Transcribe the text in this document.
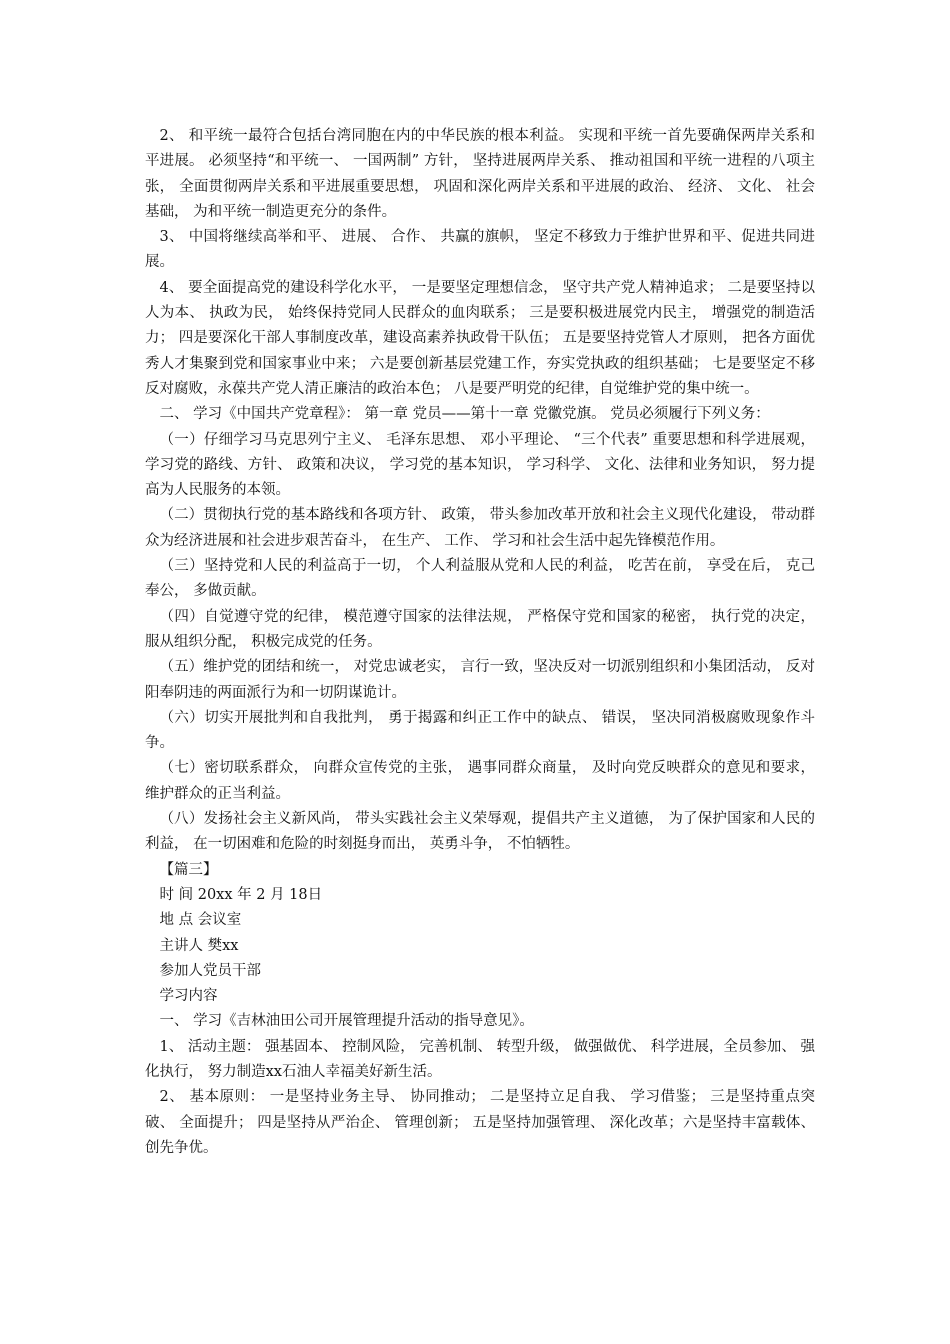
2、 和平统一最符合包括台湾同胞在内的中华民族的根本利益。 实现和平统一首先要确保两岸关系和平进展。 必须坚持“和平统一、 一国两制” 方针， 坚持进展两岸关系、 推动祖国和平统一进程的八项主张， 全面贯彻两岸关系和平进展重要思想， 巩固和深化两岸关系和平进展的政治、 经济、 文化、 社会基础， 为和平统一制造更充分的条件。

3、 中国将继续高举和平、 进展、 合作、 共赢的旗帜， 坚定不移致力于维护世界和平、促进共同进展。

4、 要全面提高党的建设科学化水平， 一是要坚定理想信念， 坚守共产党人精神追求； 二是要坚持以人为本、 执政为民， 始终保持党同人民群众的血肉联系； 三是要积极进展党内民主， 增强党的制造活力； 四是要深化干部人事制度改革，建设高素养执政骨干队伍； 五是要坚持党管人才原则， 把各方面优秀人才集聚到党和国家事业中来； 六是要创新基层党建工作，夯实党执政的组织基础； 七是要坚定不移反对腐败，永葆共产党人清正廉洁的政治本色； 八是要严明党的纪律，自觉维护党的集中统一。

二、 学习《中国共产党章程》： 第一章 党员——第十一章 党徽党旗。 党员必须履行下列义务：

（一）仔细学习马克思列宁主义、 毛泽东思想、 邓小平理论、 “三个代表” 重要思想和科学进展观， 学习党的路线、方针、 政策和决议， 学习党的基本知识， 学习科学、 文化、法律和业务知识， 努力提高为人民服务的本领。

（二）贯彻执行党的基本路线和各项方针、 政策， 带头参加改革开放和社会主义现代化建设， 带动群众为经济进展和社会进步艰苦奋斗， 在生产、 工作、 学习和社会生活中起先锋模范作用。

（三）坚持党和人民的利益高于一切， 个人利益服从党和人民的利益， 吃苦在前， 享受在后， 克己奉公， 多做贡献。

（四）自觉遵守党的纪律， 模范遵守国家的法律法规， 严格保守党和国家的秘密， 执行党的决定， 服从组织分配， 积极完成党的任务。

（五）维护党的团结和统一， 对党忠诚老实， 言行一致，坚决反对一切派别组织和小集团活动， 反对阳奉阴违的两面派行为和一切阴谋诡计。

（六）切实开展批判和自我批判， 勇于揭露和纠正工作中的缺点、 错误， 坚决同消极腐败现象作斗争。

（七）密切联系群众， 向群众宣传党的主张， 遇事同群众商量， 及时向党反映群众的意见和要求， 维护群众的正当利益。

（八）发扬社会主义新风尚， 带头实践社会主义荣辱观，提倡共产主义道德， 为了保护国家和人民的利益， 在一切困难和危险的时刻挺身而出， 英勇斗争， 不怕牺牲。

【篇三】

时 间 20xx 年 2 月 18日

地 点 会议室

主讲人 樊xx

参加人党员干部

学习内容

一、 学习《吉林油田公司开展管理提升活动的指导意见》。

1、 活动主题： 强基固本、 控制风险， 完善机制、 转型升级， 做强做优、 科学进展，全员参加、 强化执行， 努力制造xx石油人幸福美好新生活。

2、 基本原则： 一是坚持业务主导、 协同推动； 二是坚持立足自我、 学习借鉴； 三是坚持重点突破、 全面提升； 四是坚持从严治企、 管理创新； 五是坚持加强管理、 深化改革；六是坚持丰富载体、 创先争优。
